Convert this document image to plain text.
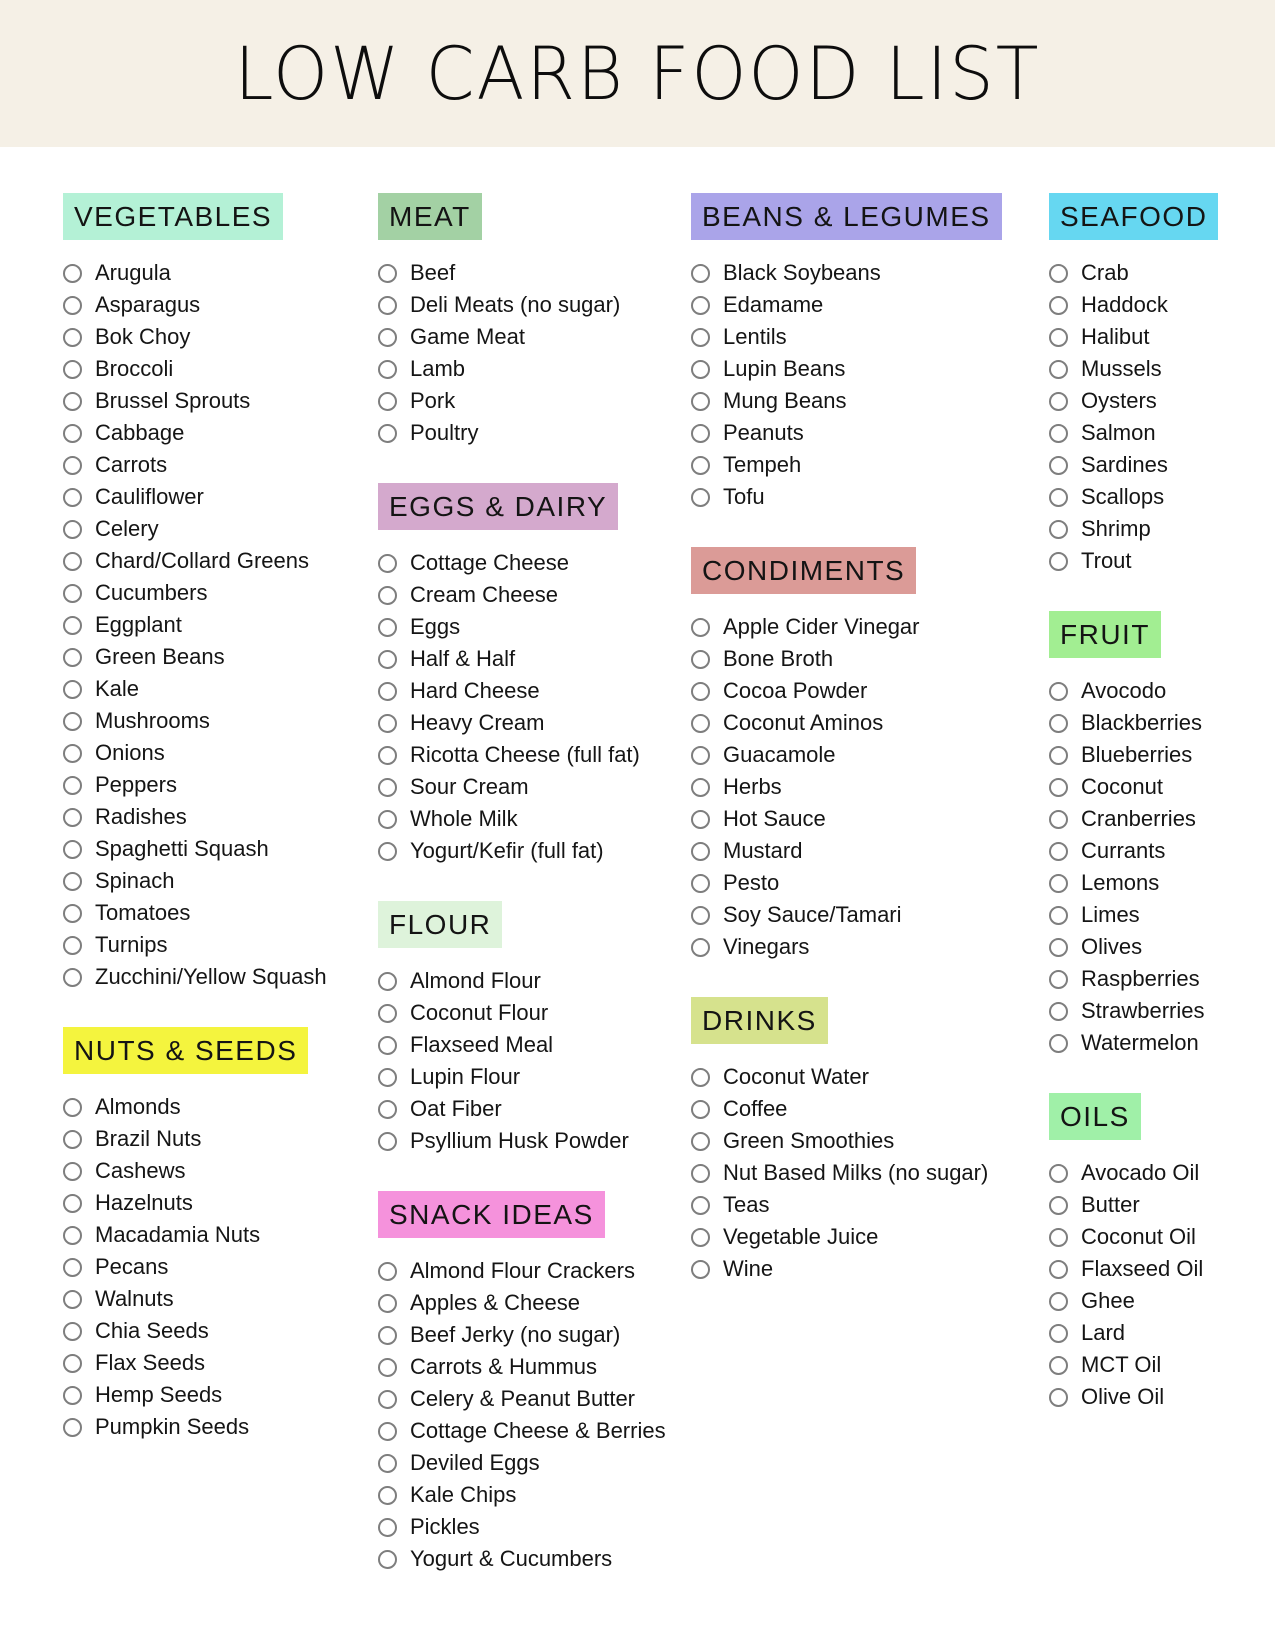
LOW CARB FOOD LIST
VEGETABLES
Arugula
Asparagus
Bok Choy
Broccoli
Brussel Sprouts
Cabbage
Carrots
Cauliflower
Celery
Chard/Collard Greens
Cucumbers
Eggplant
Green Beans
Kale
Mushrooms
Onions
Peppers
Radishes
Spaghetti Squash
Spinach
Tomatoes
Turnips
Zucchini/Yellow Squash
NUTS & SEEDS
Almonds
Brazil Nuts
Cashews
Hazelnuts
Macadamia Nuts
Pecans
Walnuts
Chia Seeds
Flax Seeds
Hemp Seeds
Pumpkin Seeds
MEAT
Beef
Deli Meats (no sugar)
Game Meat
Lamb
Pork
Poultry
EGGS & DAIRY
Cottage Cheese
Cream Cheese
Eggs
Half & Half
Hard Cheese
Heavy Cream
Ricotta Cheese (full fat)
Sour Cream
Whole Milk
Yogurt/Kefir (full fat)
FLOUR
Almond Flour
Coconut Flour
Flaxseed Meal
Lupin Flour
Oat Fiber
Psyllium Husk Powder
SNACK IDEAS
Almond Flour Crackers
Apples & Cheese
Beef Jerky (no sugar)
Carrots & Hummus
Celery & Peanut Butter
Cottage Cheese & Berries
Deviled Eggs
Kale Chips
Pickles
Yogurt & Cucumbers
BEANS & LEGUMES
Black Soybeans
Edamame
Lentils
Lupin Beans
Mung Beans
Peanuts
Tempeh
Tofu
CONDIMENTS
Apple Cider Vinegar
Bone Broth
Cocoa Powder
Coconut Aminos
Guacamole
Herbs
Hot Sauce
Mustard
Pesto
Soy Sauce/Tamari
Vinegars
DRINKS
Coconut Water
Coffee
Green Smoothies
Nut Based Milks (no sugar)
Teas
Vegetable Juice
Wine
SEAFOOD
Crab
Haddock
Halibut
Mussels
Oysters
Salmon
Sardines
Scallops
Shrimp
Trout
FRUIT
Avocodo
Blackberries
Blueberries
Coconut
Cranberries
Currants
Lemons
Limes
Olives
Raspberries
Strawberries
Watermelon
OILS
Avocado Oil
Butter
Coconut Oil
Flaxseed Oil
Ghee
Lard
MCT Oil
Olive Oil
